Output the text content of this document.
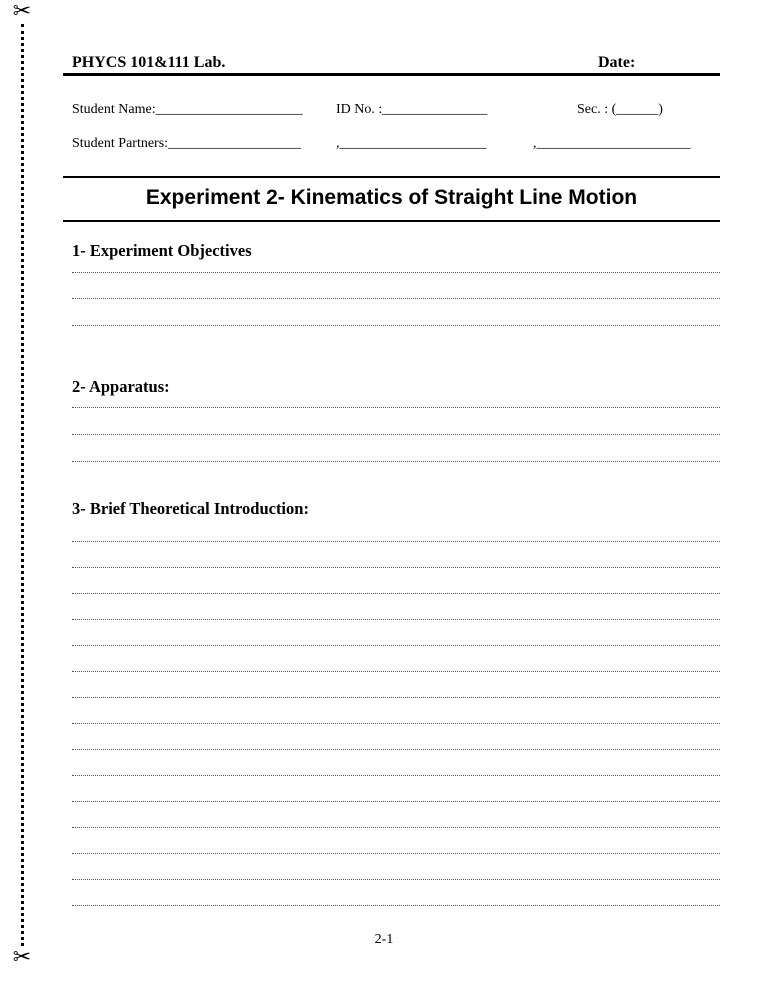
✂
✂
PHYCS 101&111 Lab.	Date:
Student Name:_____________________ ID No. :_______________	Sec. : (______)
Student Partners:___________________ ,_____________________	,______________________
Experiment 2- Kinematics of Straight Line Motion
1- Experiment Objectives
2- Apparatus:
3- Brief Theoretical Introduction:
2-1
